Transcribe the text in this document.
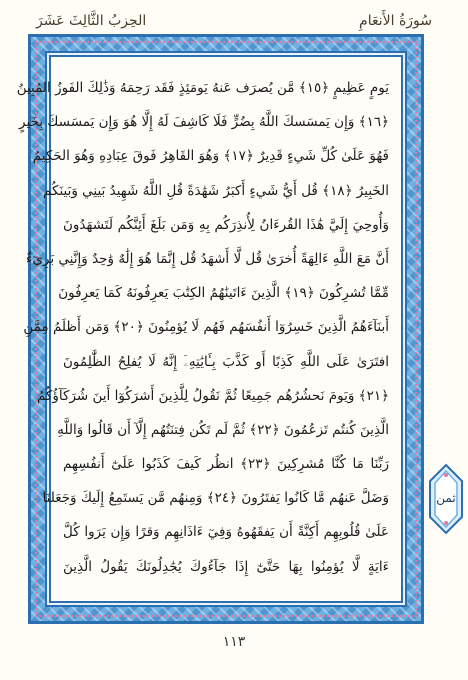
سُورَةُ الأَنعَامِ
الحِزبُ الثَّالِثَ عَشَرَ
يَومٍ عَظِيمٍ ﴿١٥﴾ مَّن يُصرَف عَنهُ يَومَئِذٍ فَقَد رَحِمَهُ وَذَٰلِكَ الفَوزُ المُبِينُ
﴿١٦﴾ وَإِن يَمسَسكَ اللَّهُ بِضُرٍّ فَلَا كَاشِفَ لَهُ إِلَّا هُوَ وَإِن يَمسَسكَ بِخَيرٍ
فَهُوَ عَلَىٰ كُلِّ شَيءٍ قَدِيرٌ ﴿١٧﴾ وَهُوَ القَاهِرُ فَوقَ عِبَادِهِ وَهُوَ الحَكِيمُ
الخَبِيرُ ﴿١٨﴾ قُل أَيُّ شَيءٍ أَكبَرُ شَهَٰدَةً قُلِ اللَّهُ شَهِيدُ بَينِي وَبَينَكُم
وَأُوحِيَ إِلَيَّ هَٰذَا القُرءَانُ لِأُنذِرَكُم بِهِ وَمَن بَلَغَ أَئِنَّكُم لَتَشهَدُونَ
أَنَّ مَعَ اللَّهِ ءَالِهَةً أُخرَىٰ قُل لَّا أَشهَدُ قُل إِنَّمَا هُوَ إِلَٰهٌ وَٰحِدٌ وَإِنَّنِي بَرِيٓءٌ
مِّمَّا تُشرِكُونَ ﴿١٩﴾ الَّذِينَ ءَاتَينَٰهُمُ الكِتَٰبَ يَعرِفُونَهُ كَمَا يَعرِفُونَ
أَبنَآءَهُمُ الَّذِينَ خَسِرُوٓا أَنفُسَهُم فَهُم لَا يُؤمِنُونَ ﴿٢٠﴾ وَمَن أَظلَمُ مِمَّنِ
افتَرَىٰ عَلَى اللَّهِ كَذِبًا أَو كَذَّبَ بِـَٔايَٰتِهِۦٓ إِنَّهُ لَا يُفلِحُ الظَّٰلِمُونَ
﴿٢١﴾ وَيَومَ نَحشُرُهُم جَمِيعًا ثُمَّ نَقُولُ لِلَّذِينَ أَشرَكُوٓا أَينَ شُرَكَآؤُكُمُ
الَّذِينَ كُنتُم تَزعُمُونَ ﴿٢٢﴾ ثُمَّ لَم تَكُن فِتنَتُهُم إِلَّآ أَن قَالُوا وَاللَّهِ
رَبِّنَا مَا كُنَّا مُشرِكِينَ ﴿٢٣﴾ انظُر كَيفَ كَذَبُوا عَلَىٰٓ أَنفُسِهِم
وَضَلَّ عَنهُم مَّا كَانُوا يَفتَرُونَ ﴿٢٤﴾ وَمِنهُم مَّن يَستَمِعُ إِلَيكَ وَجَعَلنَا
عَلَىٰ قُلُوبِهِم أَكِنَّةً أَن يَفقَهُوهُ وَفِيٓ ءَاذَانِهِم وَقرًا وَإِن يَرَوا كُلَّ
ءَايَةٍ لَّا يُؤمِنُوا بِهَا حَتَّىٰٓ إِذَا جَآءُوكَ يُجَٰدِلُونَكَ يَقُولُ الَّذِينَ
ثمن
١١٣
